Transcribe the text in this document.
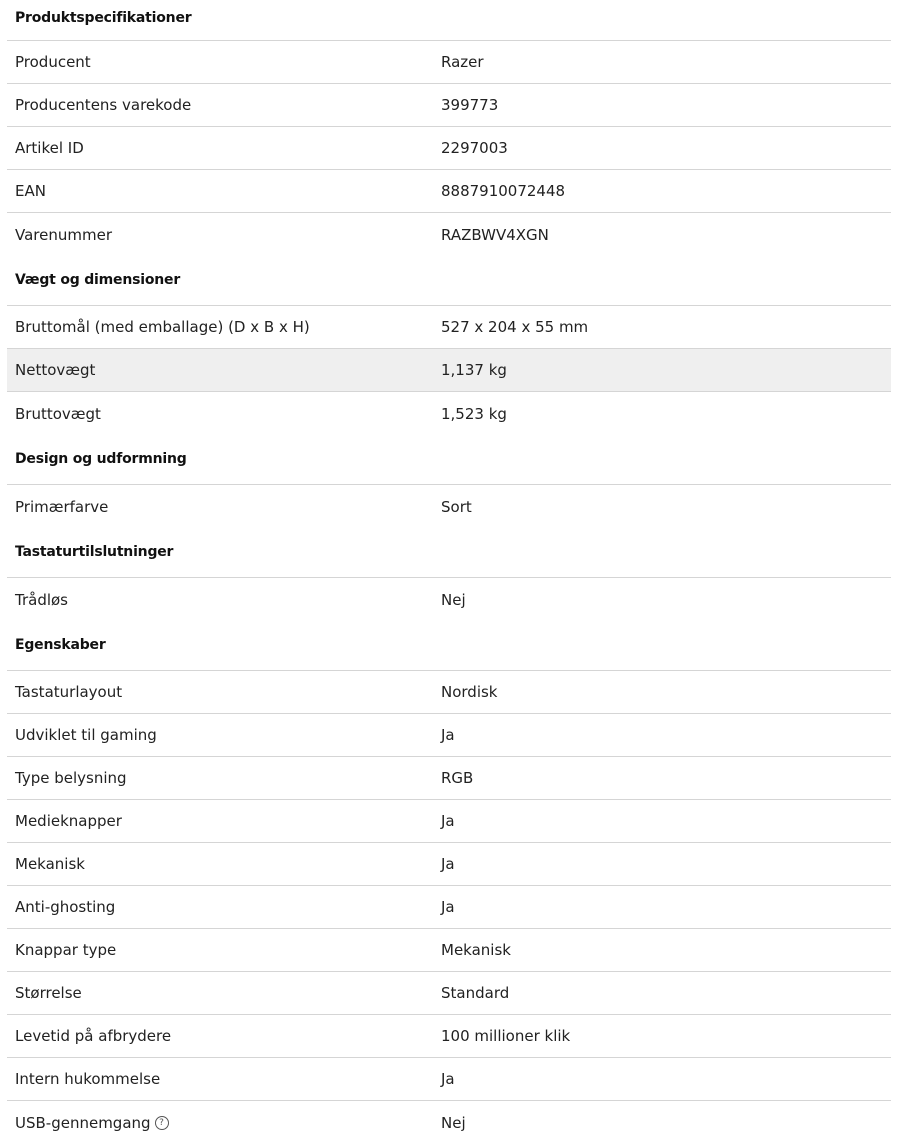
Produktspecifikationer
Producent	Razer
Producentens varekode	399773
Artikel ID	2297003
EAN	8887910072448
Varenummer	RAZBWV4XGN
Vægt og dimensioner
Bruttomål (med emballage) (D x B x H)	527 x 204 x 55 mm
Nettovægt	1,137 kg
Bruttovægt	1,523 kg
Design og udformning
Primærfarve	Sort
Tastaturtilslutninger
Trådløs	Nej
Egenskaber
Tastaturlayout	Nordisk
Udviklet til gaming	Ja
Type belysning	RGB
Medieknapper	Ja
Mekanisk	Ja
Anti-ghosting	Ja
Knappar type	Mekanisk
Størrelse	Standard
Levetid på afbrydere	100 millioner klik
Intern hukommelse	Ja
USB-gennemgang ?	Nej
